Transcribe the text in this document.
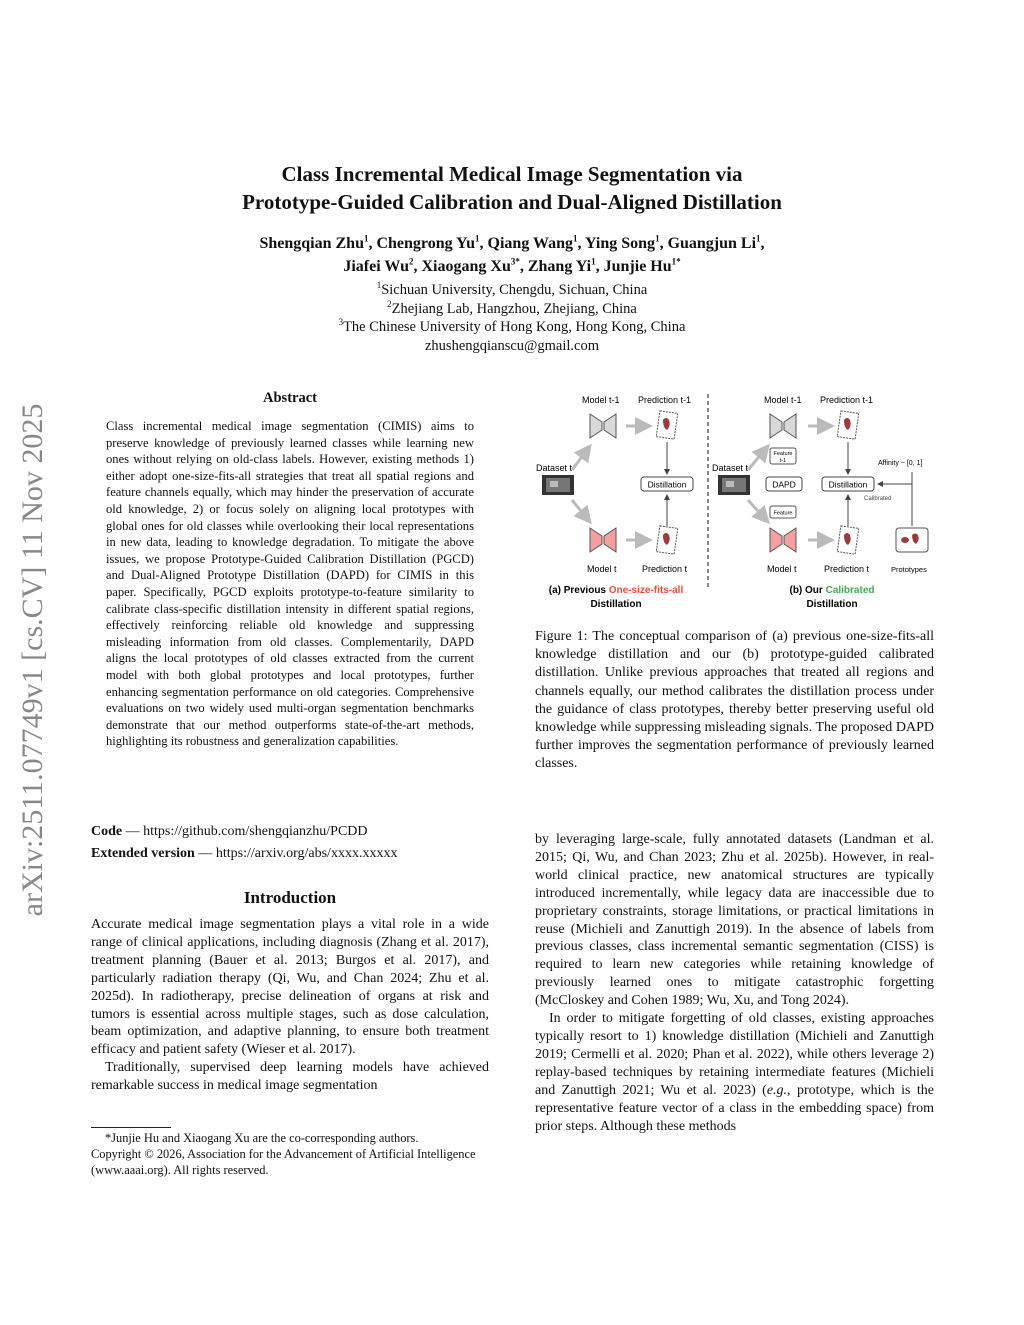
arXiv:2511.07749v1 [cs.CV] 11 Nov 2025
Class Incremental Medical Image Segmentation via
Prototype-Guided Calibration and Dual-Aligned Distillation
Shengqian Zhu$^1$, Chengrong Yu$^1$, Qiang Wang$^1$, Ying Song$^1$, Guangjun Li$^1$,
Jiafei Wu$^2$, Xiaogang $Xu^{3*}$, Zhang Yi$^1$, Junjie $Hu^{1*}$
$^1$Sichuan University, Chengdu, Sichuan, China
$^2$Zhejiang Lab, Hangzhou, Zhejiang, China
$^3$The Chinese University of Hong Kong, Hong Kong, China
zhushengqianscu@gmail.com
Abstract
Class incremental medical image segmentation (CIMIS) aims to preserve knowledge of previously learned classes while learning new ones without relying on old-class labels. However, existing methods 1) either adopt one-size-fits-all strategies that treat all spatial regions and feature channels equally, which may hinder the preservation of accurate old knowledge, 2) or focus solely on aligning local prototypes with global ones for old classes while overlooking their local representations in new data, leading to knowledge degradation. To mitigate the above issues, we propose Prototype-Guided Calibration Distillation (PGCD) and Dual-Aligned Prototype Distillation (DAPD) for CIMIS in this paper. Specifically, PGCD exploits prototype-to-feature similarity to calibrate class-specific distillation intensity in different spatial regions, effectively reinforcing reliable old knowledge and suppressing misleading information from old classes. Complementarily, DAPD aligns the local prototypes of old classes extracted from the current model with both global prototypes and local prototypes, further enhancing segmentation performance on old categories. Comprehensive evaluations on two widely used multi-organ segmentation benchmarks demonstrate that our method outperforms state-of-the-art methods, highlighting its robustness and generalization capabilities.
Code — https://github.com/shengqianzhu/PCDD
Extended version — https://arxiv.org/abs/xxxx.xxxxx
Introduction

Accurate medical image segmentation plays a vital role in a wide range of clinical applications, including diagnosis (Zhang et al. 2017), treatment planning (Bauer et al. 2013; Burgos et al. 2017), and particularly radiation therapy (Qi, Wu, and Chan 2024; Zhu et al. 2025d). In radiotherapy, precise delineation of organs at risk and tumors is essential across multiple stages, such as dose calculation, beam optimization, and adaptive planning, to ensure both treatment efficacy and patient safety (Wieser et al. 2017).

Traditionally, supervised deep learning models have achieved remarkable success in medical image segmentation

*Junjie Hu and Xiaogang Xu are the co-corresponding authors.
Copyright © 2026, Association for the Advancement of Artificial Intelligence (www.aaai.org). All rights reserved.
Model t-1 Prediction t-1
Dataset t
Distillation
Model t	Prediction t
(a) Previous One-size-fits-all
Distillation
Model t-1 Prediction t-1
Feature
t-1
Dataset t
DAPD
Feature
Distillation
Affinity ~ [0, 1]
Calibrated
Model t	Prediction t	Prototypes
(b) Our Calibrated
Distillation
Figure 1: The conceptual comparison of (a) previous one-size-fits-all knowledge distillation and our (b) prototype-guided calibrated distillation. Unlike previous approaches that treated all regions and channels equally, our method calibrates the distillation process under the guidance of class prototypes, thereby better preserving useful old knowledge while suppressing misleading signals. The proposed DAPD further improves the segmentation performance of previously learned classes.

by leveraging large-scale, fully annotated datasets (Landman et al. 2015; Qi, Wu, and Chan 2023; Zhu et al. 2025b). However, in real-world clinical practice, new anatomical structures are typically introduced incrementally, while legacy data are inaccessible due to proprietary constraints, storage limitations, or practical limitations in reuse (Michieli and Zanuttigh 2019). In the absence of labels from previous classes, class incremental semantic segmentation (CISS) is required to learn new categories while retaining knowledge of previously learned ones to mitigate catastrophic forgetting (McCloskey and Cohen 1989; Wu, Xu, and Tong 2024).

In order to mitigate forgetting of old classes, existing approaches typically resort to 1) knowledge distillation (Michieli and Zanuttigh 2019; Cermelli et al. 2020; Phan et al. 2022), while others leverage 2) replay-based techniques by retaining intermediate features (Michieli and Zanuttigh 2021; Wu et al. 2023) (e.g., prototype, which is the representative feature vector of a class in the embedding space) from prior steps. Although these methods
